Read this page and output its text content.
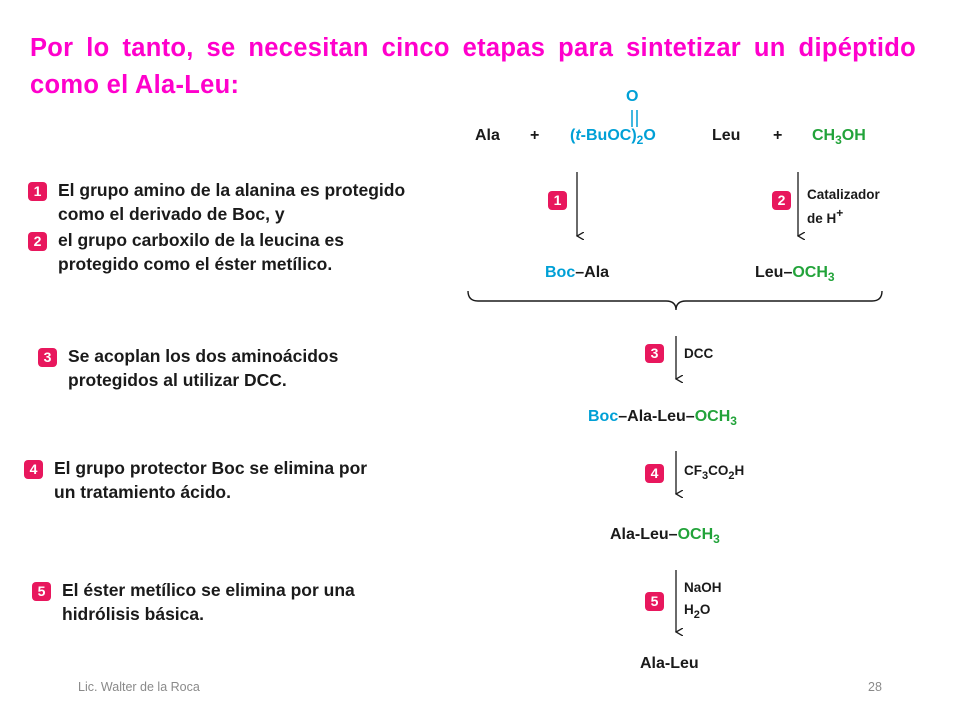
Por lo tanto, se necesitan cinco etapas para sintetizar un dipéptido como el Ala-Leu:
1 El grupo amino de la alanina es protegido como el derivado de Boc, y
2 el grupo carboxilo de la leucina es protegido como el éster metílico.
3 Se acoplan los dos aminoácidos protegidos al utilizar DCC.
4 El grupo protector Boc se elimina por un tratamiento ácido.
5 El éster metílico se elimina por una hidrólisis básica.
O
Ala + $(t-BuOC)_2O$	Leu + $CH_3OH$
1	2	Catalizador
de H+
Boc–Ala	Leu–$OCH_3$
3	DCC
Boc–$Ala-Leu-OCH_3$
4	$CF_3CO_2H$
Ala-$Leu-OCH_3$
NaOH
$H_2O$
5
Ala-Leu
Lic. Walter de la Roca	28
